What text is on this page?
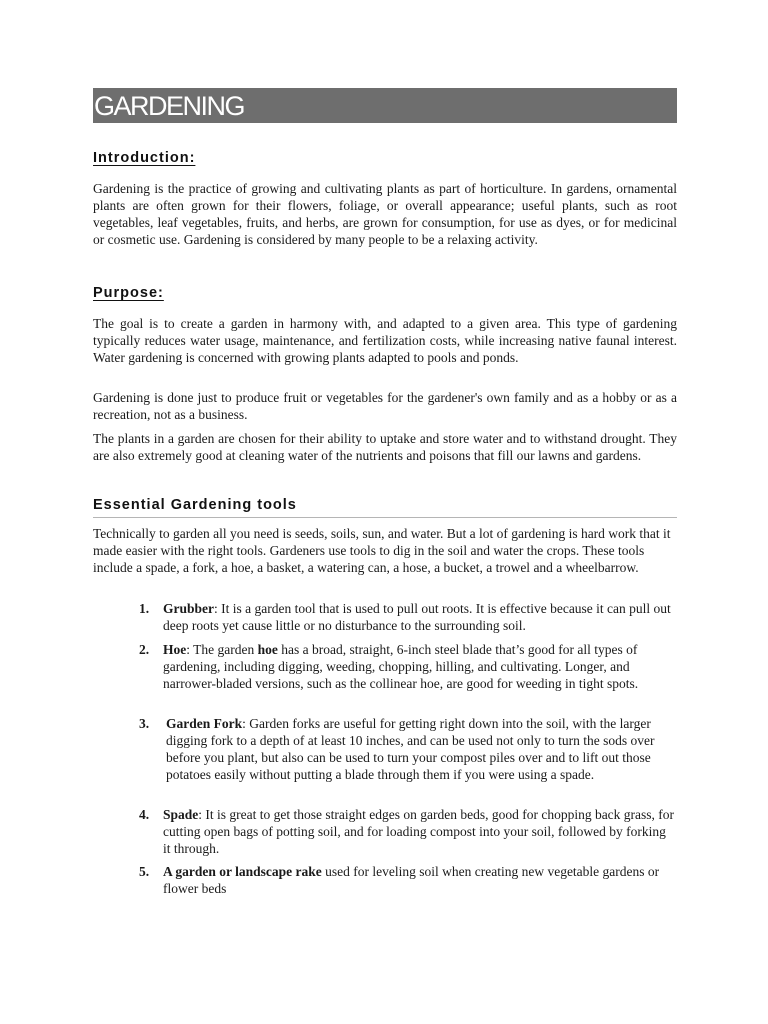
GARDENING
Introduction:

Gardening is the practice of growing and cultivating plants as part of horticulture. In gardens, ornamental plants are often grown for their flowers, foliage, or overall appearance; useful plants, such as root vegetables, leaf vegetables, fruits, and herbs, are grown for consumption, for use as dyes, or for medicinal or cosmetic use. Gardening is considered by many people to be a relaxing activity.

Purpose:

The goal is to create a garden in harmony with, and adapted to a given area. This type of gardening typically reduces water usage, maintenance, and fertilization costs, while increasing native faunal interest. Water gardening is concerned with growing plants adapted to pools and ponds.

Gardening is done just to produce fruit or vegetables for the gardener's own family and as a hobby or as a recreation, not as a business.

The plants in a garden are chosen for their ability to uptake and store water and to withstand drought. They are also extremely good at cleaning water of the nutrients and poisons that fill our lawns and gardens.

Essential Gardening tools

Technically to garden all you need is seeds, soils, sun, and water. But a lot of gardening is hard work that it made easier with the right tools. Gardeners use tools to dig in the soil and water the crops. These tools include a spade, a fork, a hoe, a basket, a watering can, a hose, a bucket, a trowel and a wheelbarrow.

1.	Grubber: It is a garden tool that is used to pull out roots. It is effective because it can pull out deep roots yet cause little or no disturbance to the surrounding soil.
2.	Hoe: The garden hoe has a broad, straight, 6-inch steel blade that’s good for all types of gardening, including digging, weeding, chopping, hilling, and cultivating. Longer, and narrower-bladed versions, such as the collinear hoe, are good for weeding in tight spots.
3.	Garden Fork: Garden forks are useful for getting right down into the soil, with the larger digging fork to a depth of at least 10 inches, and can be used not only to turn the sods over before you plant, but also can be used to turn your compost piles over and to lift out those potatoes easily without putting a blade through them if you were using a spade.
4.	Spade: It is great to get those straight edges on garden beds, good for chopping back grass, for cutting open bags of potting soil, and for loading compost into your soil, followed by forking it through.
5.	A garden or landscape rake used for leveling soil when creating new vegetable gardens or flower beds
